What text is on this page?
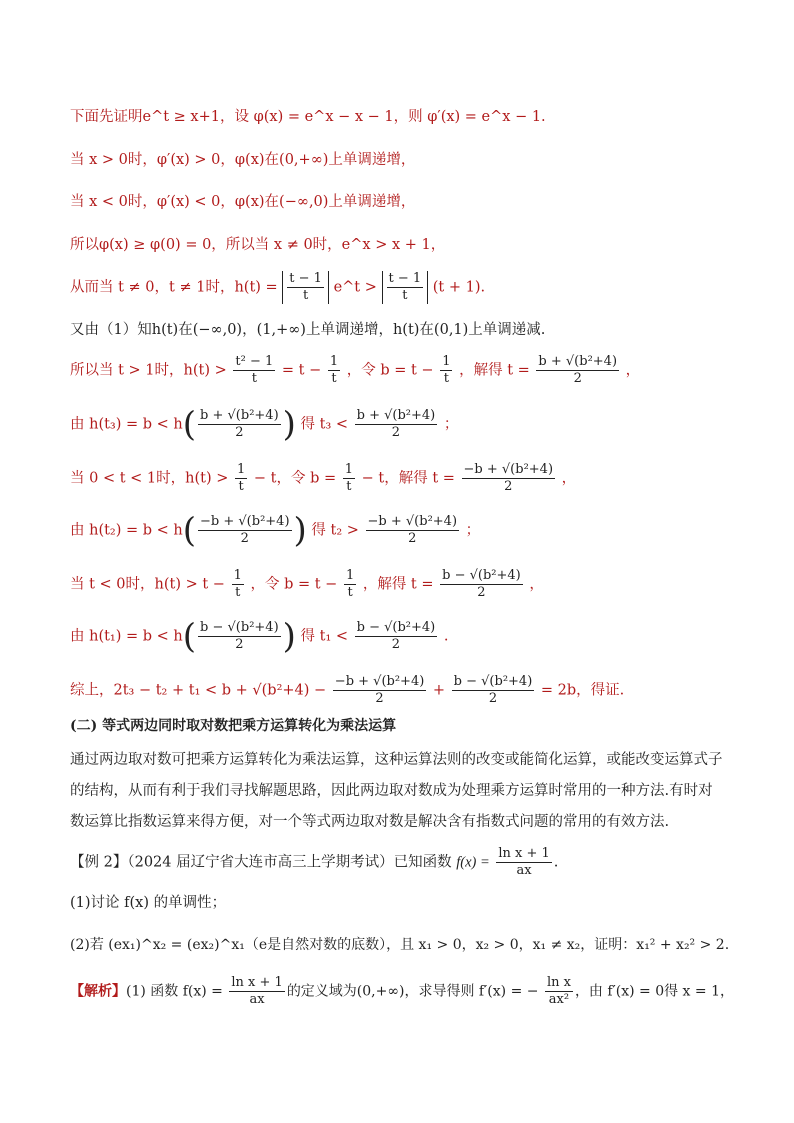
下面先证明e^t ≥ x+1，设 φ(x) = e^x − x − 1，则 φ′(x) = e^x − 1.
当 x > 0时，φ′(x) > 0，φ(x)在(0,+∞)上单调递增，
当 x < 0时，φ′(x) < 0，φ(x)在(−∞,0)上单调递增，
所以φ(x) ≥ φ(0) = 0，所以当 x ≠ 0时，e^x > x + 1，
从而当 t ≠ 0，t ≠ 1时，$h(t) = \frac{t - 1}{t}$ e^t > $\frac{t - 1}{t} (t + 1)$.
又由（1）知h(t)在(−∞,0)，(1,+∞)上单调递增，h(t)在(0,1)上单调递减.
所以当 t > 1时，$h(t) > \frac{\text{t² − 1}}{t} = t - \frac{1}{t}$ ，令 $b = t - \frac{1}{t}$ ，解得 $t = \frac{\text{b + √(b²+4)}}{2}$ ，
由 $h(t_3) = b < h( \frac{\text{b + √(b²+4)}}{2}$ ) 得 $t_3 < \frac{\text{b + √(b²+4)}}{2}$ ；
当 0 < t < 1时，$h(t) > \frac{1}{t} - t$，令 $b = \frac{1}{t} - t$，解得 $t = \frac{\text{−b + √(b²+4)}}{2}$ ，
由 $h(t_2) = b < h( \frac{\text{−b + √(b²+4)}}{2}$ ) 得 $t_2 > \frac{\text{−b + √(b²+4)}}{2}$ ；
当 t < 0时，$h(t) > t - \frac{1}{t}$ ，令 $b = t - \frac{1}{t}$ ，解得 $t = \frac{\text{b − √(b²+4)}}{2}$ ，
由 $h(t_1) = b < h( \frac{\text{b − √(b²+4)}}{2}$ ) 得 $t_1 < \frac{\text{b − √(b²+4)}}{2}$ .
综上，$2t_3 - t_2 + t_1 < b + √(b^2+4) - \frac{\text{−b + √(b²+4)}}{2} + \frac{\text{b − √(b²+4)}}{2} = 2b$，得证.
(二) 等式两边同时取对数把乘方运算转化为乘法运算
通过两边取对数可把乘方运算转化为乘法运算，这种运算法则的改变或能简化运算，或能改变运算式子的结构，从而有利于我们寻找解题思路，因此两边取对数成为处理乘方运算时常用的一种方法.有时对数运算比指数运算来得方便，对一个等式两边取对数是解决含有指数式问题的常用的有效方法.
【例 2】（2024 届辽宁省大连市高三上学期考试）已知函数 $f(x) = \frac{\text{ln x + 1}}{ax}$ .
(1)讨论 f(x) 的单调性；
(2)若 (ex₁)^x₂ = (ex₂)^x₁（e是自然对数的底数），且 x₁ > 0，x₂ > 0，x₁ ≠ x₂，证明：x₁² + x₂² > 2.
【解析】(1) 函数 $f(x) = \frac{\text{ln x + 1}}{ax}$ 的定义域为(0,+∞)，求导得则 f′(x) = − $\frac{\text{ln x}}{\text{ax²}}$ ，由 f′(x) = 0得 x = 1，
